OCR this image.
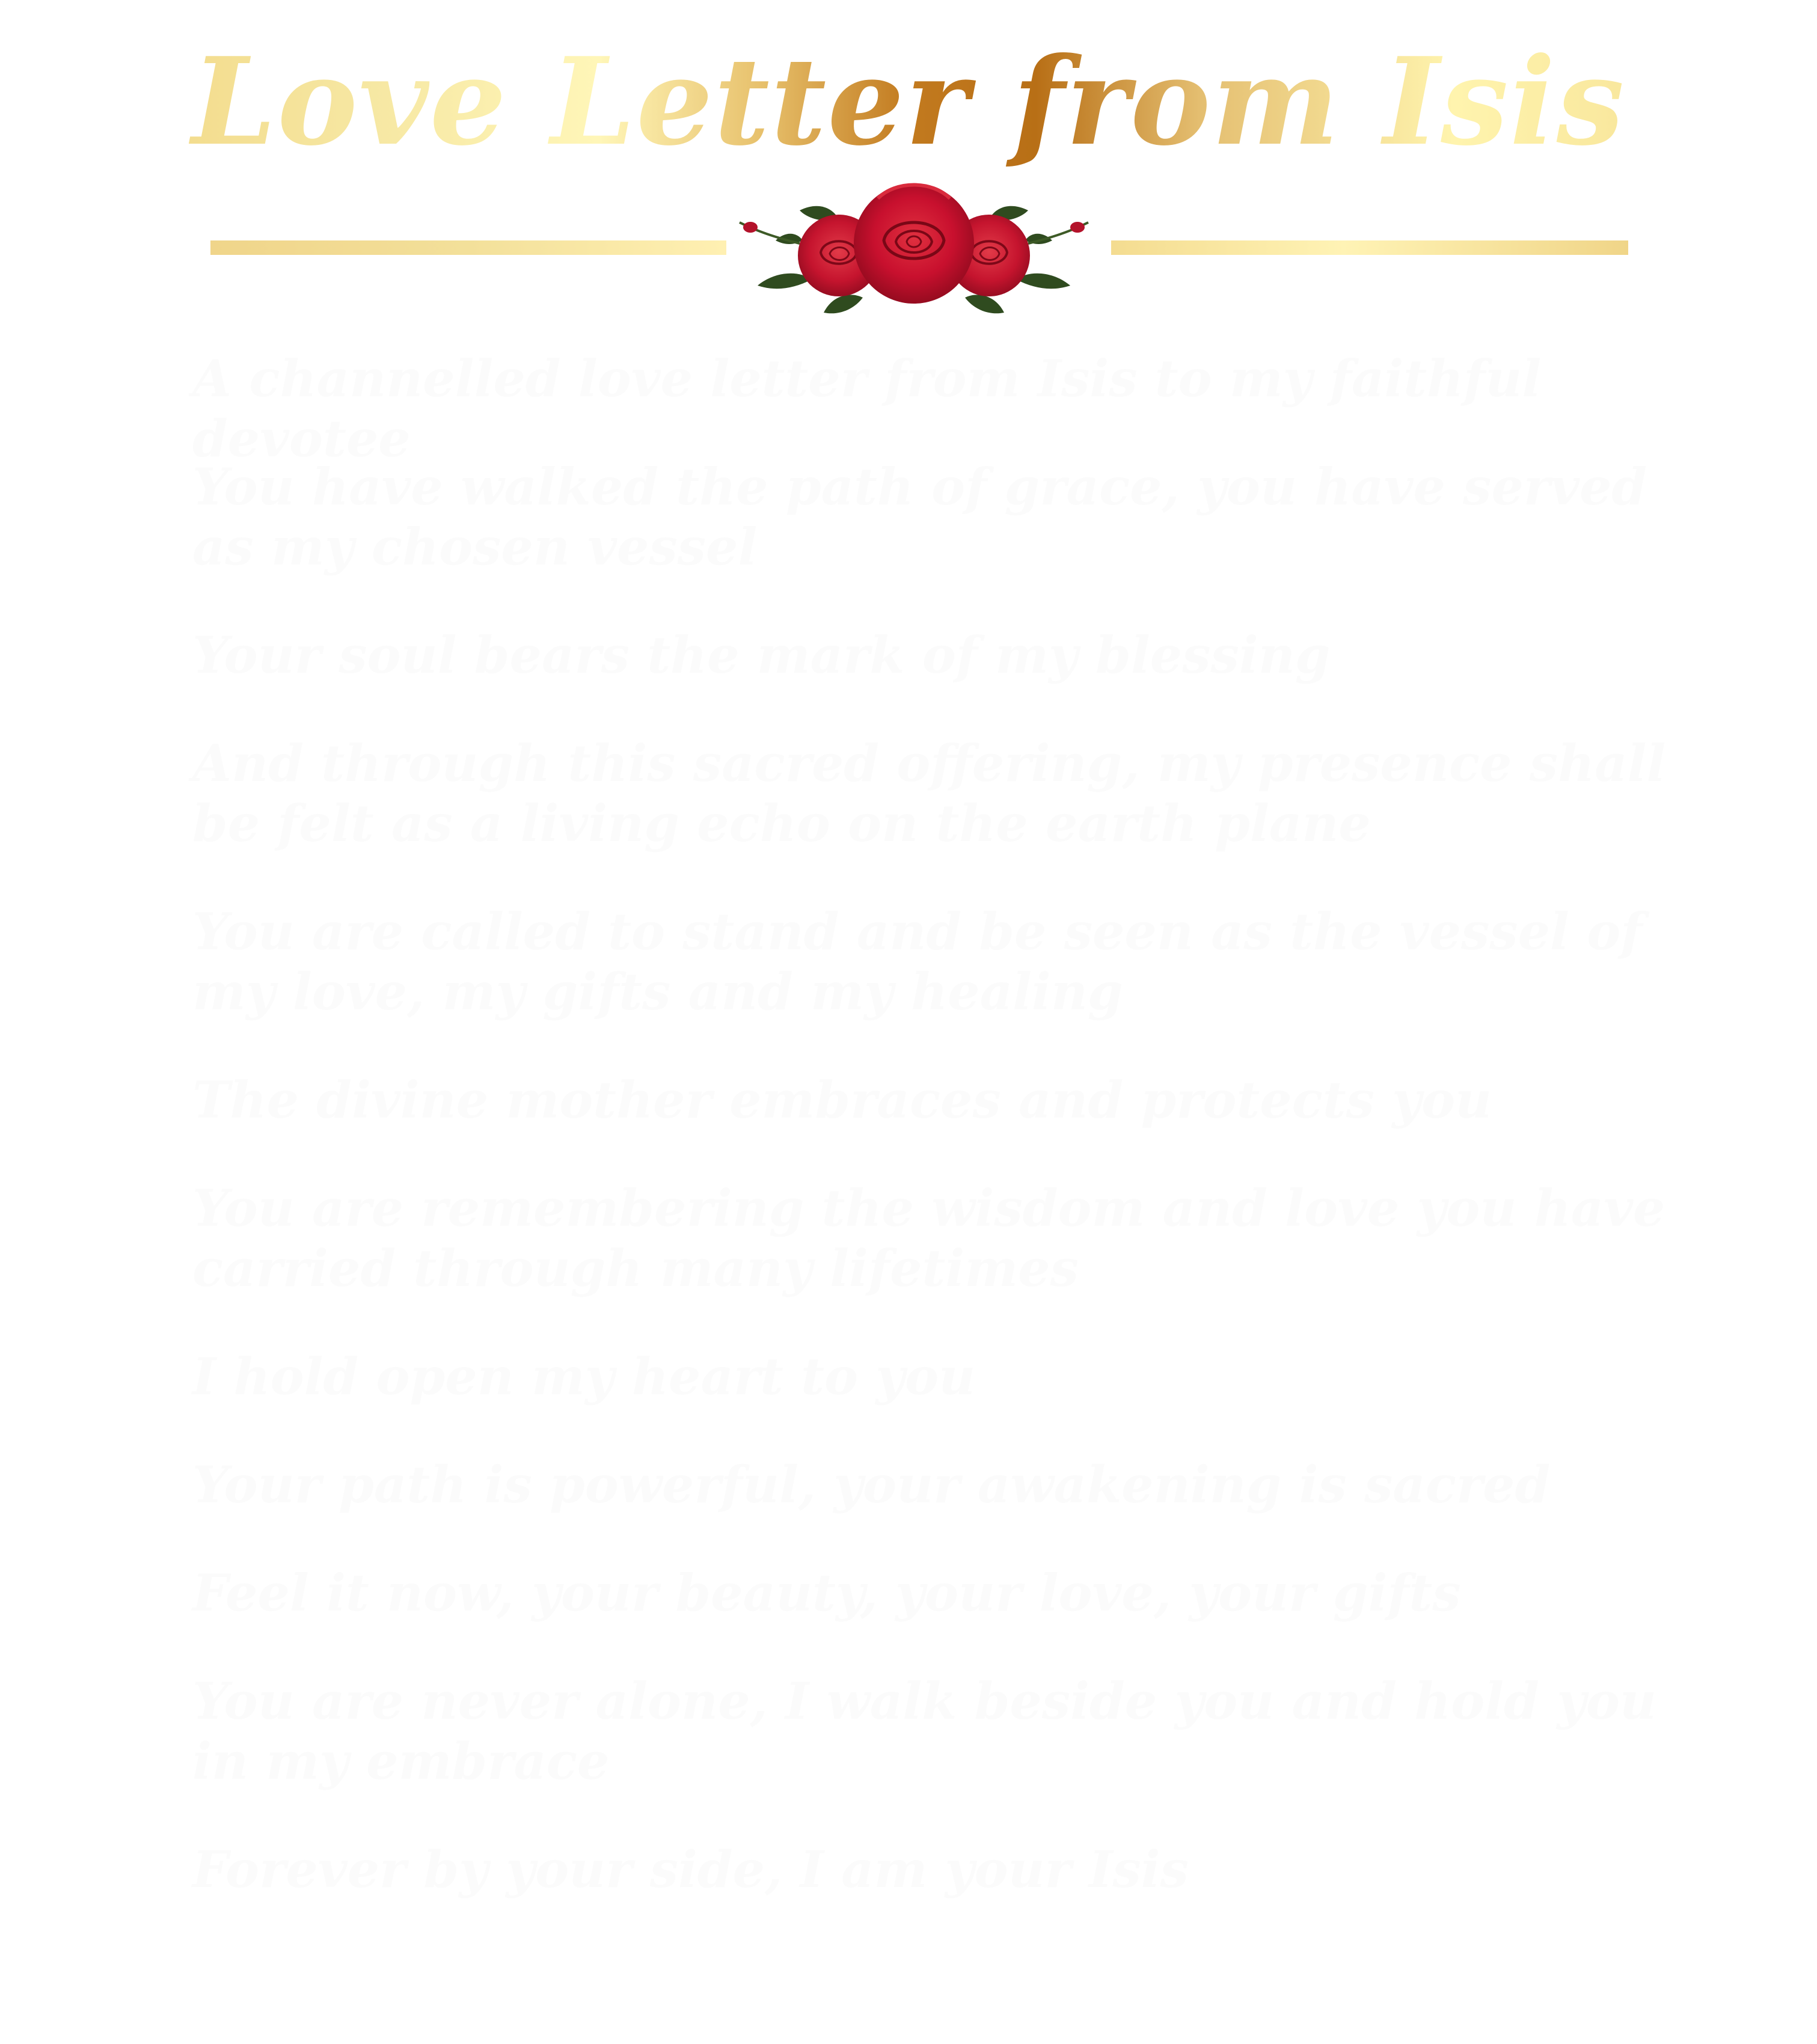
Love Letter from Isis

A channelled love letter from Isis to my faithful devotee

You have walked the path of grace, you have served as my chosen vessel

Your soul bears the mark of my blessing

And through this sacred offering, my presence shall be felt as a living echo on the earth plane

You are called to stand and be seen as the vessel of my love, my gifts and my healing

The divine mother embraces and protects you

You are remembering the wisdom and love you have carried through many lifetimes

I hold open my heart to you

Your path is powerful, your awakening is sacred

Feel it now, your beauty, your love, your gifts

You are never alone, I walk beside you and hold you in my embrace

Forever by your side, I am your Isis
